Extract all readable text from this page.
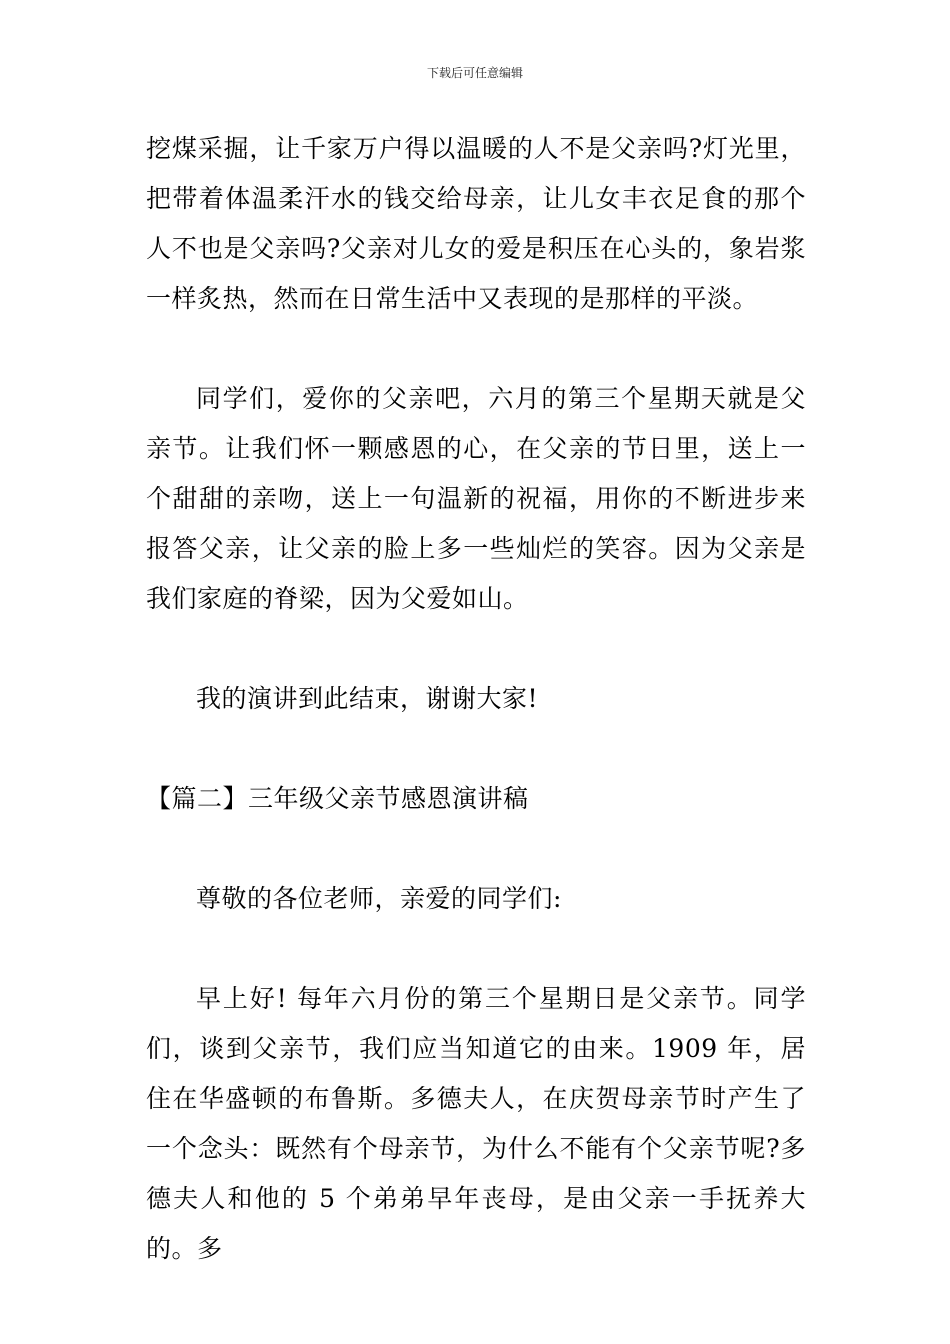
下载后可任意编辑

挖煤采掘，让千家万户得以温暖的人不是父亲吗?灯光里，把带着体温柔汗水的钱交给母亲，让儿女丰衣足食的那个人不也是父亲吗?父亲对儿女的爱是积压在心头的，象岩浆一样炙热，然而在日常生活中又表现的是那样的平淡。

同学们，爱你的父亲吧，六月的第三个星期天就是父亲节。让我们怀一颗感恩的心，在父亲的节日里，送上一个甜甜的亲吻，送上一句温新的祝福，用你的不断进步来报答父亲，让父亲的脸上多一些灿烂的笑容。因为父亲是我们家庭的脊梁，因为父爱如山。

我的演讲到此结束，谢谢大家!

【篇二】三年级父亲节感恩演讲稿

尊敬的各位老师，亲爱的同学们:

早上好! 每年六月份的第三个星期日是父亲节。同学们，谈到父亲节，我们应当知道它的由来。1909 年，居住在华盛顿的布鲁斯。多德夫人，在庆贺母亲节时产生了一个念头：既然有个母亲节，为什么不能有个父亲节呢?多德夫人和他的 5 个弟弟早年丧母，是由父亲一手抚养大的。多
